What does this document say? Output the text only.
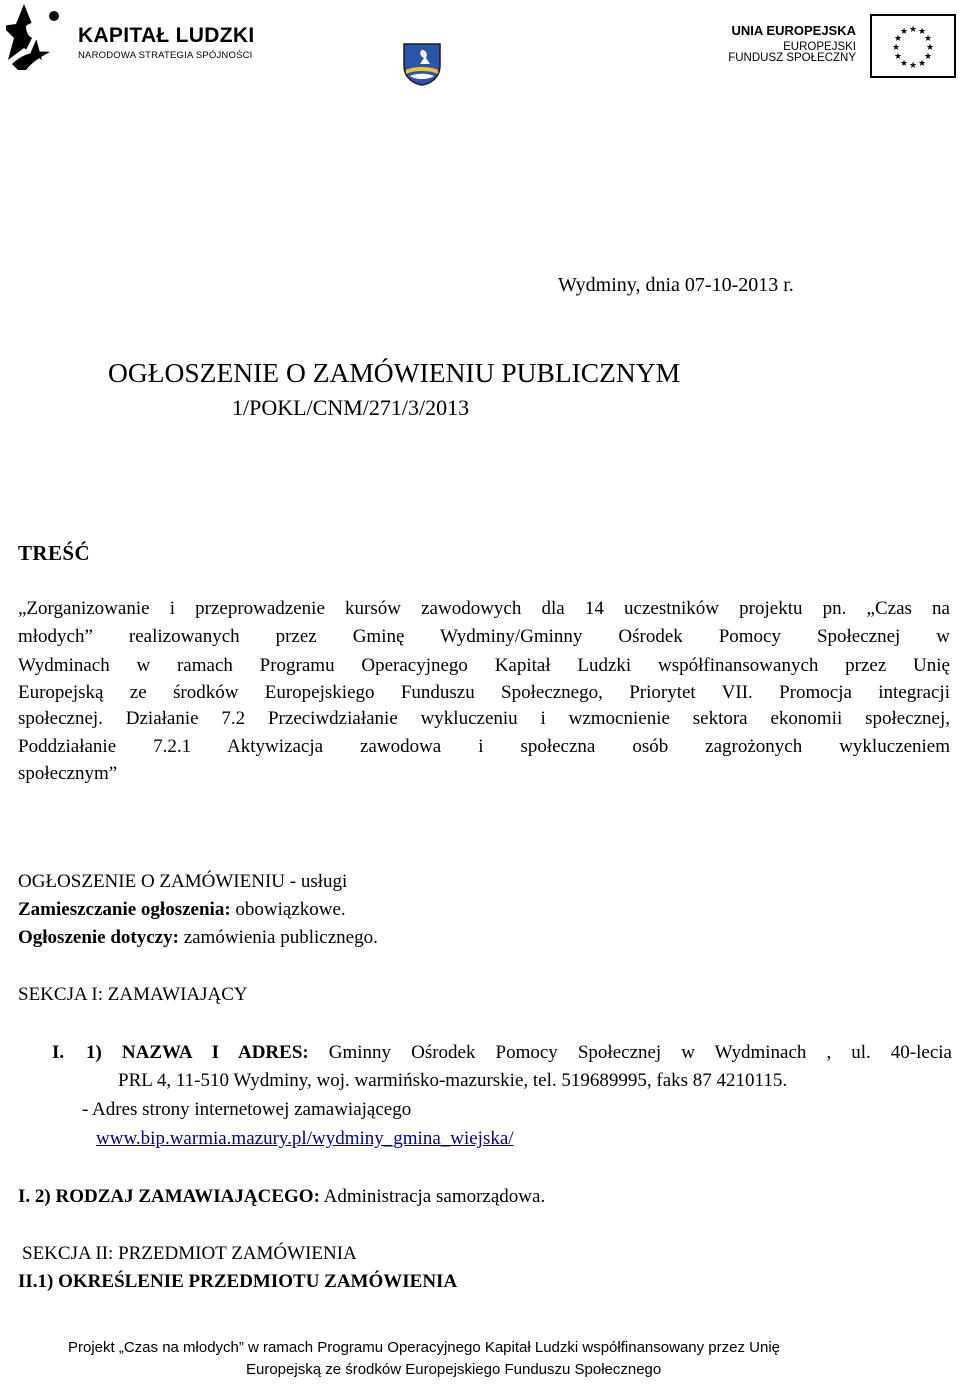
KAPITAŁ LUDZKI
NARODOWA STRATEGIA SPÓJNOŚCI
UNIA EUROPEJSKA
EUROPEJSKI
FUNDUSZ SPOŁECZNY
★ ★
★
★
★
★
★
★
★
★
★
★
Wydminy, dnia 07-10-2013 r.
OGŁOSZENIE O ZAMÓWIENIU PUBLICZNYM
1/POKL/CNM/271/3/2013
TREŚĆ
„Zorganizowanie i przeprowadzenie kursów zawodowych dla 14 uczestników projektu pn. „Czas na
młodych” realizowanych przez Gminę Wydminy/Gminny Ośrodek Pomocy Społecznej w
Wydminach w ramach Programu Operacyjnego Kapitał Ludzki współfinansowanych przez Unię
Europejską ze środków Europejskiego Funduszu Społecznego, Priorytet VII. Promocja integracji
społecznej. Działanie 7.2 Przeciwdziałanie wykluczeniu i wzmocnienie sektora ekonomii społecznej,
Poddziałanie 7.2.1 Aktywizacja zawodowa i społeczna osób zagrożonych wykluczeniem
społecznym”
OGŁOSZENIE O ZAMÓWIENIU - usługi
Zamieszczanie ogłoszenia: obowiązkowe.
Ogłoszenie dotyczy: zamówienia publicznego.
SEKCJA I: ZAMAWIAJĄCY
I. 1) NAZWA I ADRES: Gminny Ośrodek Pomocy Społecznej w Wydminach , ul. 40-lecia
PRL 4, 11-510 Wydminy, woj. warmińsko-mazurskie, tel. 519689995, faks 87 4210115.
- Adres strony internetowej zamawiającego
www.bip.warmia.mazury.pl/wydminy_gmina_wiejska/
I. 2) RODZAJ ZAMAWIAJĄCEGO: Administracja samorządowa.
SEKCJA II: PRZEDMIOT ZAMÓWIENIA
II.1) OKREŚLENIE PRZEDMIOTU ZAMÓWIENIA
Projekt „Czas na młodych” w ramach Programu Operacyjnego Kapitał Ludzki współfinansowany przez Unię
Europejską ze środków Europejskiego Funduszu Społecznego
